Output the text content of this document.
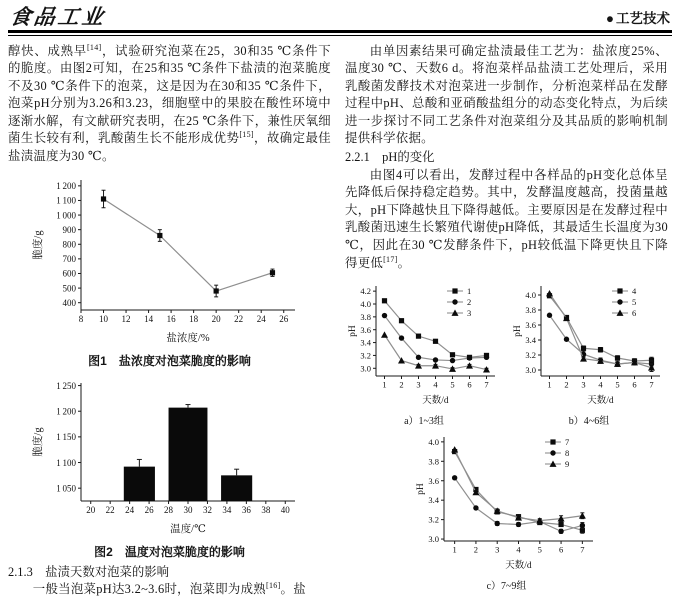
食品工业	● 工艺技术

醇快、成熟早[14]，试验研究泡菜在25，30和35 ℃条件下的脆度。由图2可知，在25和35 ℃条件下盐渍的泡菜脆度不及30 ℃条件下的泡菜，这是因为在30和35 ℃条件下，泡菜pH分别为3.26和3.23，细胞壁中的果胶在酸性环境中逐渐水解，有文献研究表明，在25 ℃条件下，兼性厌氧细菌生长较有利，乳酸菌生长不能形成优势[15]，故确定最佳盐渍温度为30 ℃。

8 10 12 14 16 18 20 22 24 26
400
500
600
700
800
900
1 000
1 100
1 200
盐浓度/%
脆度/g
图1　盐浓度对泡菜脆度的影响
20 22 24 26 28 30 32 34 36 38 40
1 050
1 100
1 150
1 200
1 250
温度/℃
脆度/g
图2　温度对泡菜脆度的影响
2.1.3　盐渍天数对泡菜的影响

一般当泡菜pH达3.2~3.6时，泡菜即为成熟[16]。盐

由单因素结果可确定盐渍最佳工艺为：盐浓度25%、温度30 ℃、天数6 d。将泡菜样品盐渍工艺处理后，采用乳酸菌发酵技术对泡菜进一步制作，分析泡菜样品在发酵过程中pH、总酸和亚硝酸盐组分的动态变化特点，为后续进一步探讨不同工艺条件对泡菜组分及其品质的影响机制提供科学依据。

2.2.1　pH的变化

由图4可以看出，发酵过程中各样品的pH变化总体呈先降低后保持稳定趋势。其中，发酵温度越高，投菌量越大，pH下降越快且下降得越低。主要原因是在发酵过程中乳酸菌迅速生长繁殖代谢使pH降低，其最适生长温度为30 ℃，因此在30 ℃发酵条件下，pH较低温下降更快且下降得更低[17]。

1 2 3 4 5 6 7
3.0
3.2
3.4
3.6
3.8
4.0
4.2
天数/d
pH
1
2
3
a）1~3组
1 2 3 4 5 6 7
3.0
3.2
3.4
3.6
3.8
4.0
天数/d
pH
4
5
6
b）4~6组
1 2 3 4 5 6 7
3.0
3.2
3.4
3.6
3.8
4.0
天数/d
pH
7
8
9
c）7~9组
